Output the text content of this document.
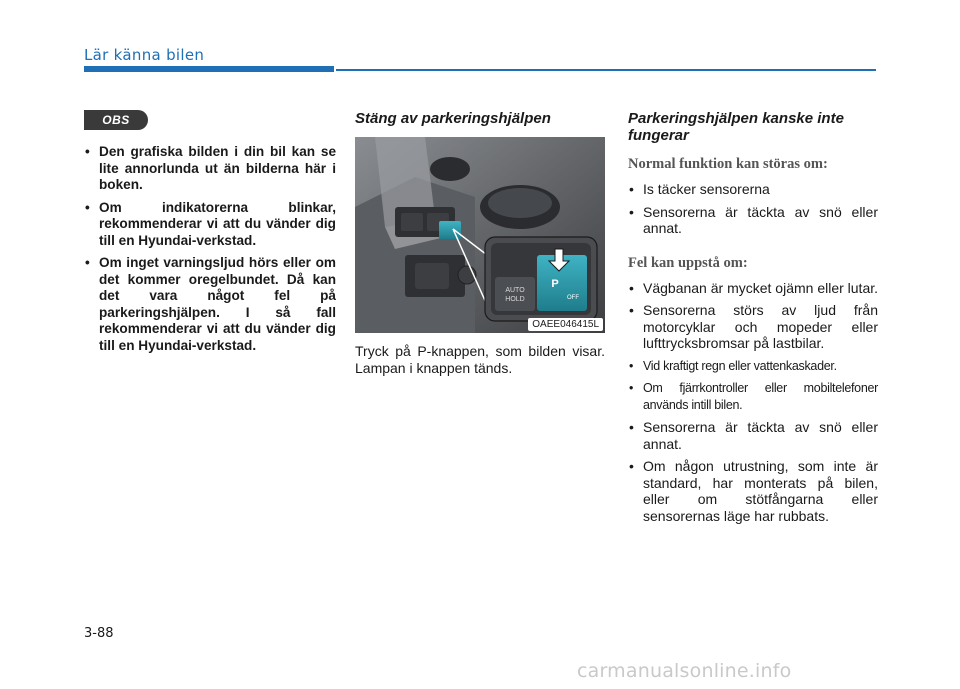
Lär känna bilen
OBS
• Den grafiska bilden i din bil kan se lite annorlunda ut än bilderna här i boken.
• Om indikatorerna blinkar, rekommenderar vi att du vänder dig till en Hyundai-verkstad.
• Om inget varningsljud hörs eller om det kommer oregelbundet. Då kan det vara något fel på parkeringshjälpen. I så fall rekommenderar vi att du vänder dig till en Hyundai-verkstad.
Stäng av parkeringshjälpen
AUTO
HOLD
P
OFF
OAEE046415L

Tryck på P-knappen, som bilden visar. Lampan i knappen tänds.

Parkeringshjälpen kanske inte fungerar
Normal funktion kan störas om:
• Is täcker sensorerna
• Sensorerna är täckta av snö eller annat.
Fel kan uppstå om:
• Vägbanan är mycket ojämn eller lutar.
• Sensorerna störs av ljud från motorcyklar och mopeder eller lufttrycksbromsar på lastbilar.
• Vid kraftigt regn eller vattenkaskader.
• Om fjärrkontroller eller mobiltelefoner används intill bilen.
• Sensorerna är täckta av snö eller annat.
• Om någon utrustning, som inte är standard, har monterats på bilen, eller om stötfångarna eller sensorernas läge har rubbats.
3-88
carmanualsonline.info
